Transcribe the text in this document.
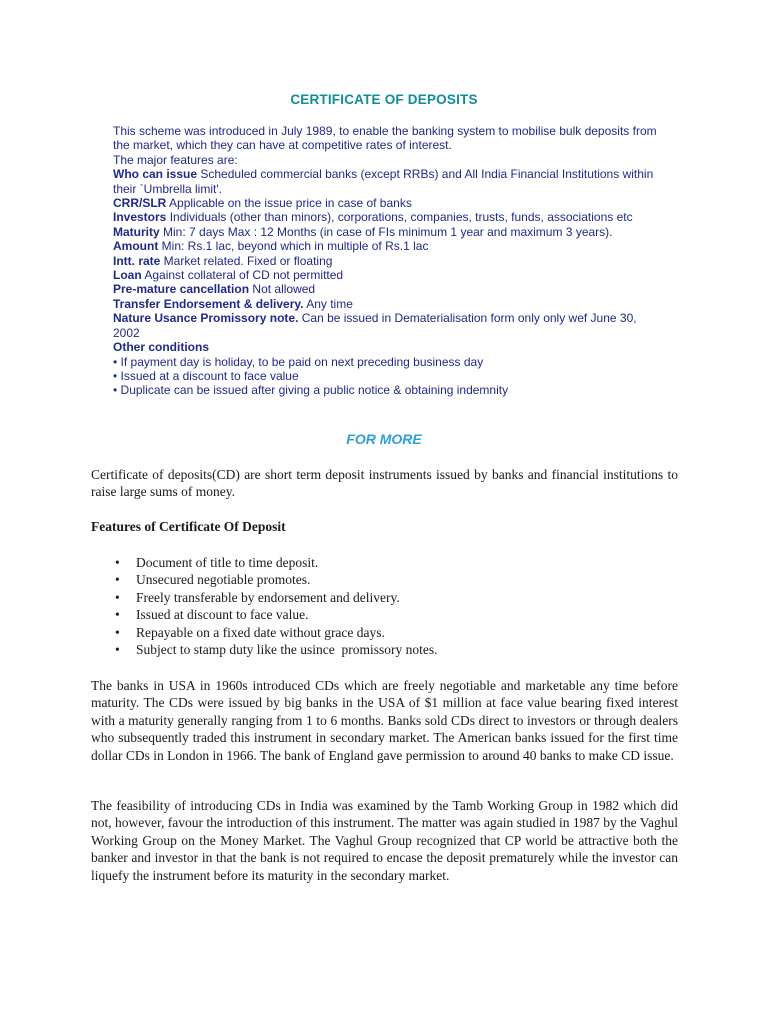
CERTIFICATE OF DEPOSITS

This scheme was introduced in July 1989, to enable the banking system to mobilise bulk deposits from the market, which they can have at competitive rates of interest.

The major features are:

Who can issue Scheduled commercial banks (except RRBs) and All India Financial Institutions within their `Umbrella limit'.

CRR/SLR Applicable on the issue price in case of banks

Investors Individuals (other than minors), corporations, companies, trusts, funds, associations etc

Maturity Min: 7 days Max : 12 Months (in case of FIs minimum 1 year and maximum 3 years).

Amount Min: Rs.1 lac, beyond which in multiple of Rs.1 lac

Intt. rate Market related. Fixed or floating

Loan Against collateral of CD not permitted

Pre-mature cancellation Not allowed

Transfer Endorsement & delivery. Any time

Nature Usance Promissory note. Can be issued in Dematerialisation form only only wef June 30, 2002

Other conditions

• If payment day is holiday, to be paid on next preceding business day

• Issued at a discount to face value

• Duplicate can be issued after giving a public notice & obtaining indemnity

FOR MORE

Certificate of deposits(CD) are short term deposit instruments issued by banks and financial institutions to raise large sums of money.

Features of Certificate Of Deposit
• Document of title to time deposit.
• Unsecured negotiable promotes.
• Freely transferable by endorsement and delivery.
• Issued at discount to face value.
• Repayable on a fixed date without grace days.
• Subject to stamp duty like the usince  promissory notes.

The banks in USA in 1960s introduced CDs which are freely negotiable and marketable any time before maturity. The CDs were issued by big banks in the USA of $1 million at face value bearing fixed interest with a maturity generally ranging from 1 to 6 months. Banks sold CDs direct to investors or through dealers who subsequently traded this instrument in secondary market. The American banks issued for the first time dollar CDs in London in 1966. The bank of England gave permission to around 40 banks to make CD issue.

The feasibility of introducing CDs in India was examined by the Tamb Working Group in 1982 which did not, however, favour the introduction of this instrument. The matter was again studied in 1987 by the Vaghul Working Group on the Money Market. The Vaghul Group recognized that CP world be attractive both the banker and investor in that the bank is not required to encase the deposit prematurely while the investor can liquefy the instrument before its maturity in the secondary market.
